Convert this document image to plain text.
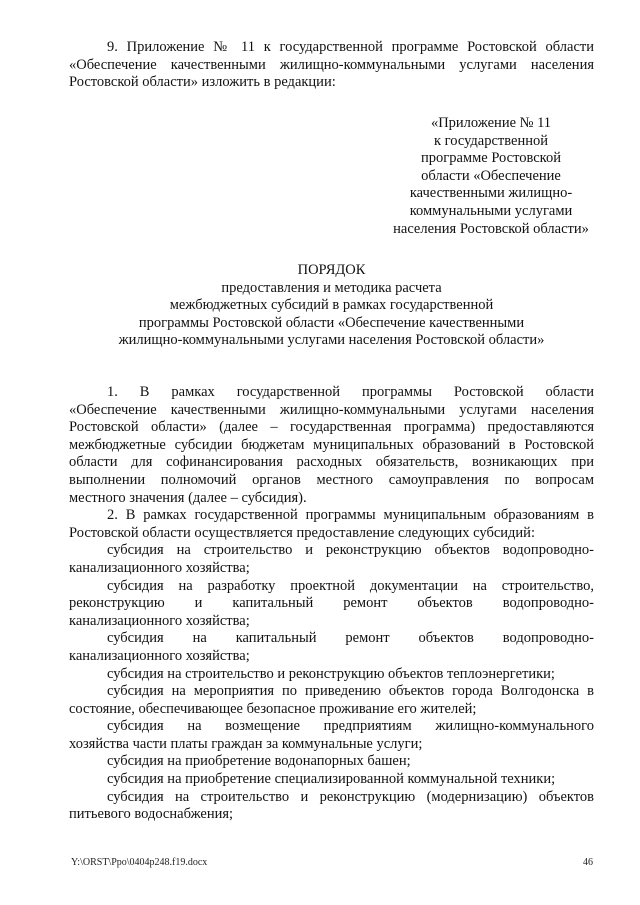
9. Приложение № 11 к государственной программе Ростовской области
«Обеспечение качественными жилищно-коммунальными услугами населения
Ростовской области» изложить в редакции:
«Приложение № 11
к государственной
программе Ростовской
области «Обеспечение
качественными жилищно-
коммунальными услугами
населения Ростовской области»
ПОРЯДОК
предоставления и методика расчета
межбюджетных субсидий в рамках государственной
программы Ростовской области «Обеспечение качественными
жилищно-коммунальными услугами населения Ростовской области»
1. В рамках государственной программы Ростовской области
«Обеспечение качественными жилищно-коммунальными услугами населения
Ростовской области» (далее – государственная программа) предоставляются
межбюджетные субсидии бюджетам муниципальных образований в Ростовской
области для софинансирования расходных обязательств, возникающих при
выполнении полномочий органов местного самоуправления по вопросам
местного значения (далее – субсидия).
2. В рамках государственной программы муниципальным образованиям в
Ростовской области осуществляется предоставление следующих субсидий:
субсидия на строительство и реконструкцию объектов водопроводно-
канализационного хозяйства;
субсидия на разработку проектной документации на строительство,
реконструкцию и капитальный ремонт объектов водопроводно-
канализационного хозяйства;
субсидия на капитальный ремонт объектов водопроводно-
канализационного хозяйства;
субсидия на строительство и реконструкцию объектов теплоэнергетики;
субсидия на мероприятия по приведению объектов города Волгодонска в
состояние, обеспечивающее безопасное проживание его жителей;
субсидия на возмещение предприятиям жилищно-коммунального
хозяйства части платы граждан за коммунальные услуги;
субсидия на приобретение водонапорных башен;
субсидия на приобретение специализированной коммунальной техники;
субсидия на строительство и реконструкцию (модернизацию) объектов
питьевого водоснабжения;
Y:\ORST\Ppo\0404p248.f19.docx	46
